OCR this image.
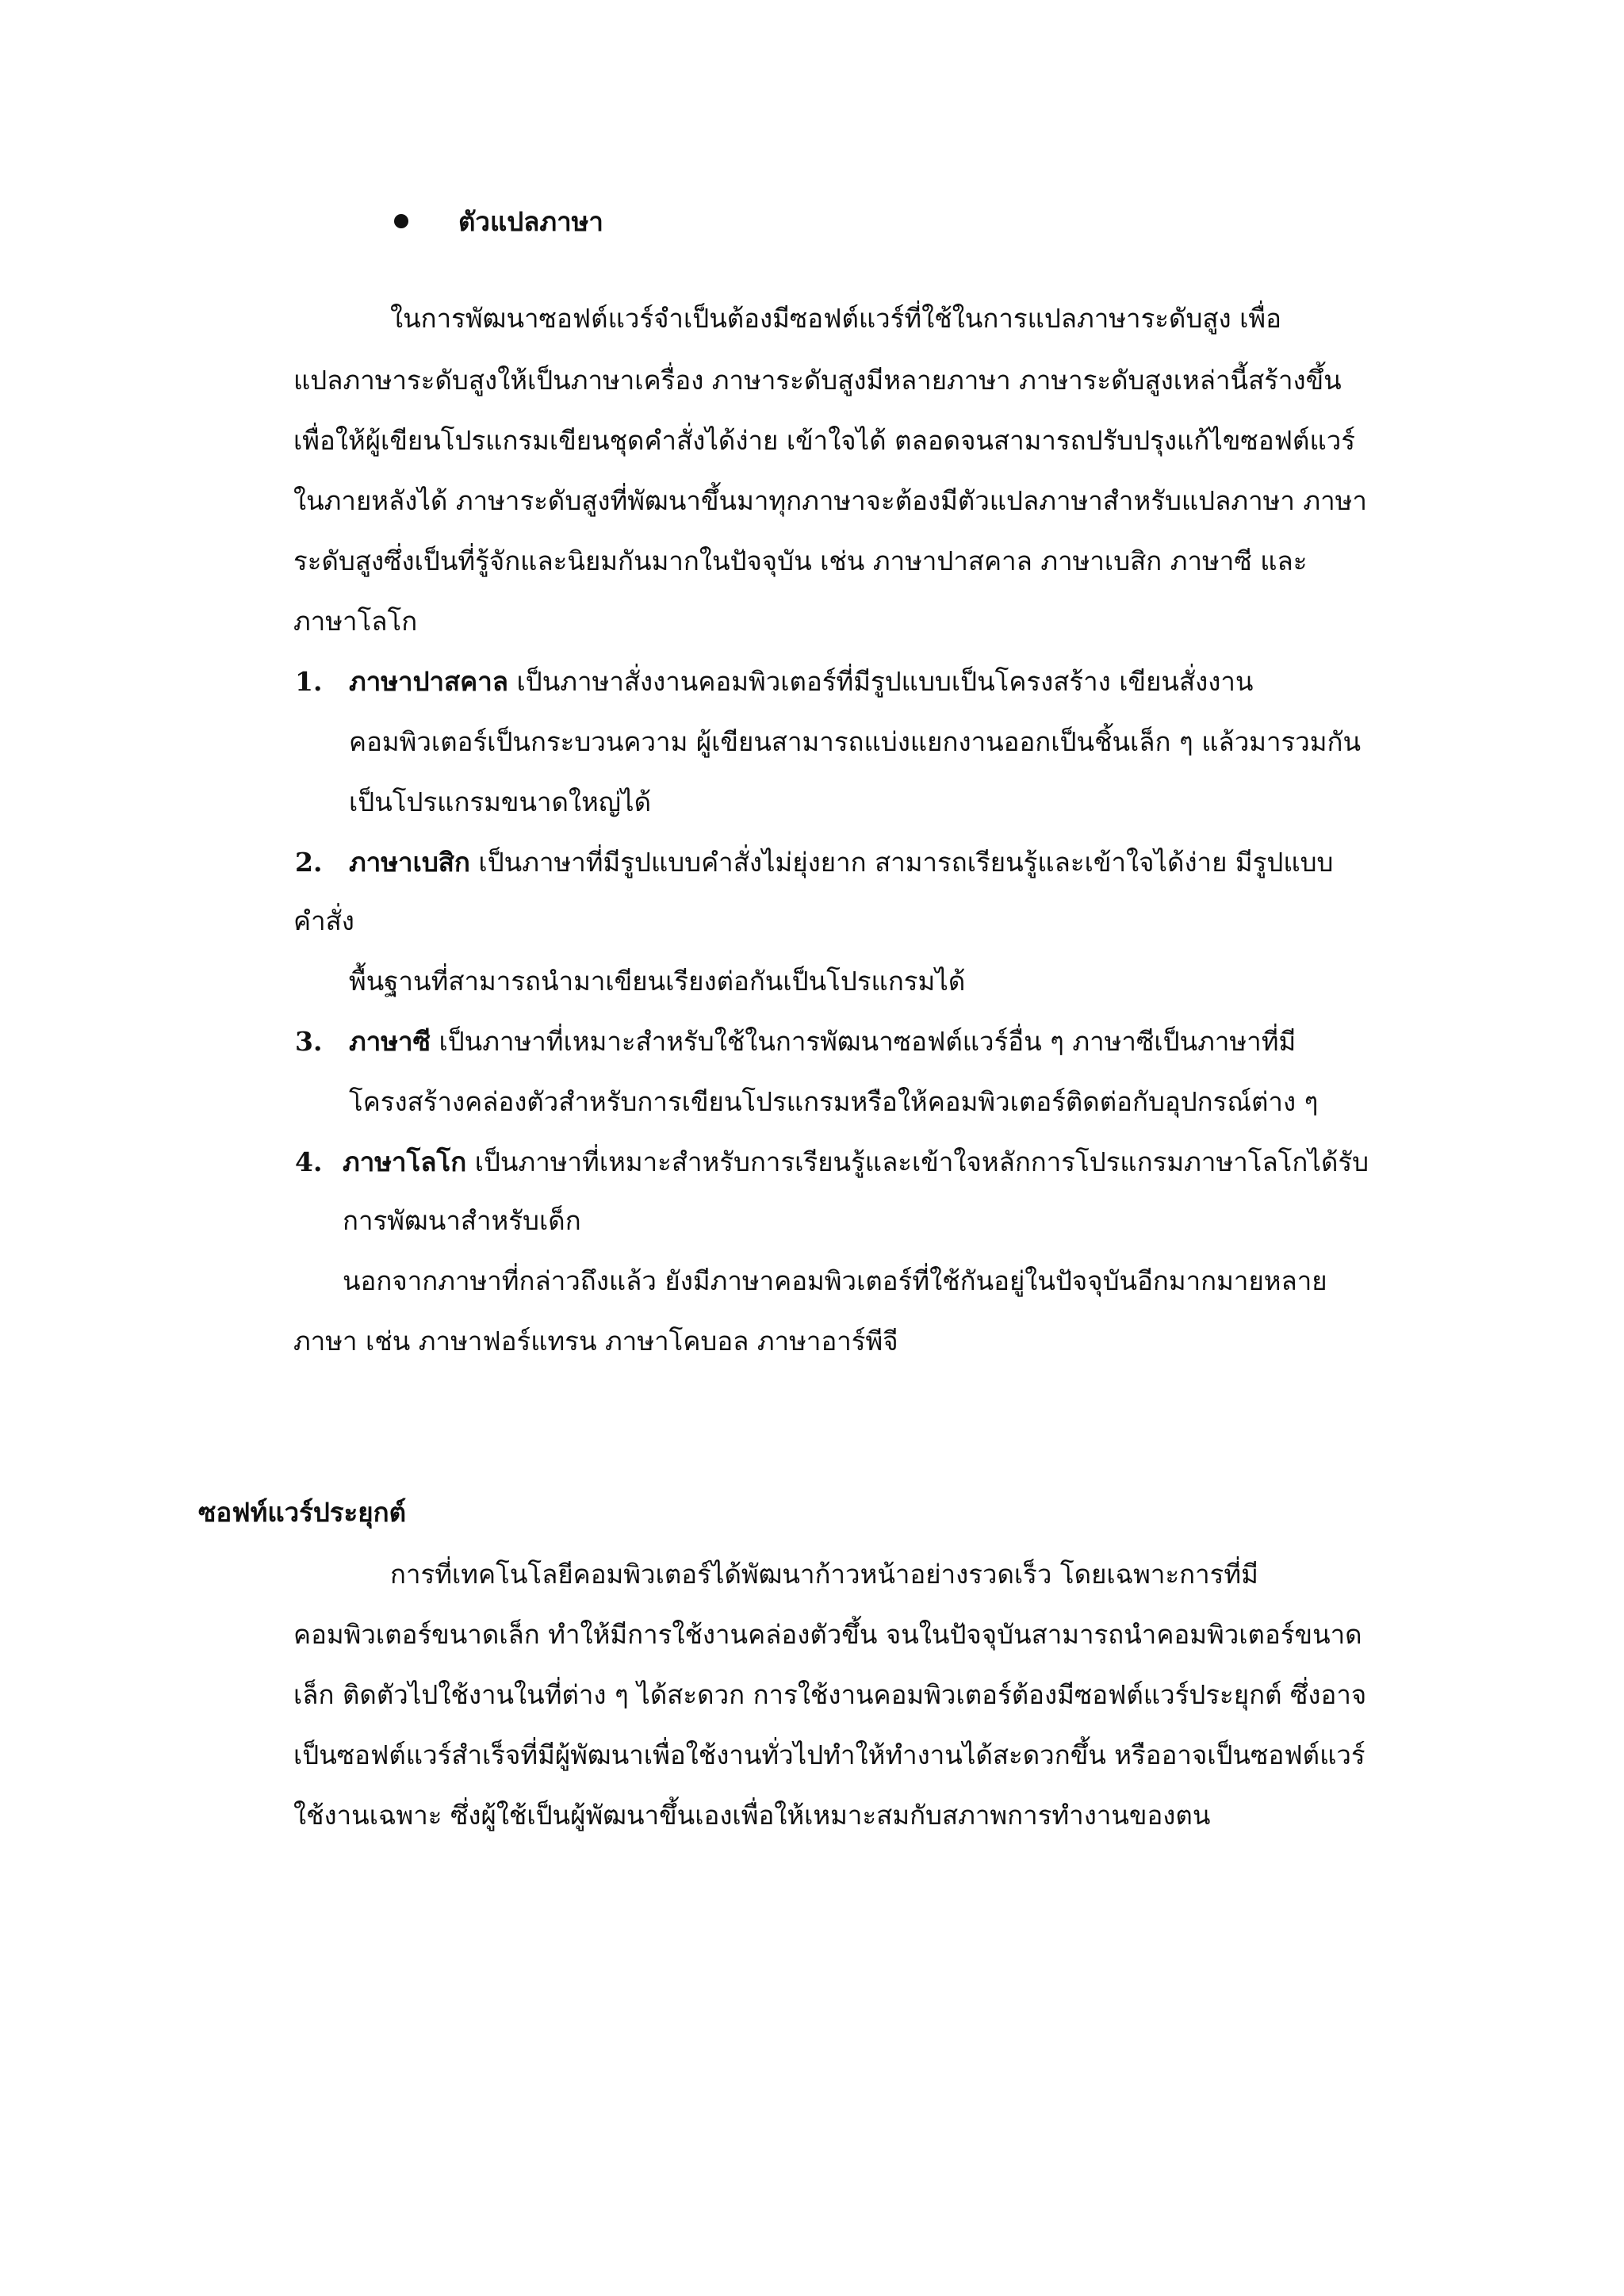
ตัวแปลภาษา
ในการพัฒนาซอฟต์แวร์จำเป็นต้องมีซอฟต์แวร์ที่ใช้ในการแปลภาษาระดับสูง เพื่อ
แปลภาษาระดับสูงให้เป็นภาษาเครื่อง ภาษาระดับสูงมีหลายภาษา ภาษาระดับสูงเหล่านี้สร้างขึ้น
เพื่อให้ผู้เขียนโปรแกรมเขียนชุดคำสั่งได้ง่าย เข้าใจได้ ตลอดจนสามารถปรับปรุงแก้ไขซอฟต์แวร์
ในภายหลังได้ ภาษาระดับสูงที่พัฒนาขึ้นมาทุกภาษาจะต้องมีตัวแปลภาษาสำหรับแปลภาษา ภาษา
ระดับสูงซึ่งเป็นที่รู้จักและนิยมกันมากในปัจจุบัน เช่น ภาษาปาสคาล ภาษาเบสิก ภาษาซี และ
ภาษาโลโก
1. ภาษาปาสคาล เป็นภาษาสั่งงานคอมพิวเตอร์ที่มีรูปแบบเป็นโครงสร้าง เขียนสั่งงาน
คอมพิวเตอร์เป็นกระบวนความ ผู้เขียนสามารถแบ่งแยกงานออกเป็นชิ้นเล็ก ๆ แล้วมารวมกัน
เป็นโปรแกรมขนาดใหญ่ได้
2. ภาษาเบสิก เป็นภาษาที่มีรูปแบบคำสั่งไม่ยุ่งยาก สามารถเรียนรู้และเข้าใจได้ง่าย มีรูปแบบ
คำสั่ง
พื้นฐานที่สามารถนำมาเขียนเรียงต่อกันเป็นโปรแกรมได้
3. ภาษาซี เป็นภาษาที่เหมาะสำหรับใช้ในการพัฒนาซอฟต์แวร์อื่น ๆ ภาษาซีเป็นภาษาที่มี
โครงสร้างคล่องตัวสำหรับการเขียนโปรแกรมหรือให้คอมพิวเตอร์ติดต่อกับอุปกรณ์ต่าง ๆ
4. ภาษาโลโก เป็นภาษาที่เหมาะสำหรับการเรียนรู้และเข้าใจหลักการโปรแกรมภาษาโลโกได้รับ
การพัฒนาสำหรับเด็ก
นอกจากภาษาที่กล่าวถึงแล้ว ยังมีภาษาคอมพิวเตอร์ที่ใช้กันอยู่ในปัจจุบันอีกมากมายหลาย
ภาษา เช่น ภาษาฟอร์แทรน ภาษาโคบอล ภาษาอาร์พีจี
ซอฟท์แวร์ประยุกต์
การที่เทคโนโลยีคอมพิวเตอร์ได้พัฒนาก้าวหน้าอย่างรวดเร็ว โดยเฉพาะการที่มี
คอมพิวเตอร์ขนาดเล็ก ทำให้มีการใช้งานคล่องตัวขึ้น จนในปัจจุบันสามารถนำคอมพิวเตอร์ขนาด
เล็ก ติดตัวไปใช้งานในที่ต่าง ๆ ได้สะดวก การใช้งานคอมพิวเตอร์ต้องมีซอฟต์แวร์ประยุกต์ ซึ่งอาจ
เป็นซอฟต์แวร์สำเร็จที่มีผู้พัฒนาเพื่อใช้งานทั่วไปทำให้ทำงานได้สะดวกขึ้น หรืออาจเป็นซอฟต์แวร์
ใช้งานเฉพาะ ซึ่งผู้ใช้เป็นผู้พัฒนาขึ้นเองเพื่อให้เหมาะสมกับสภาพการทำงานของตน
